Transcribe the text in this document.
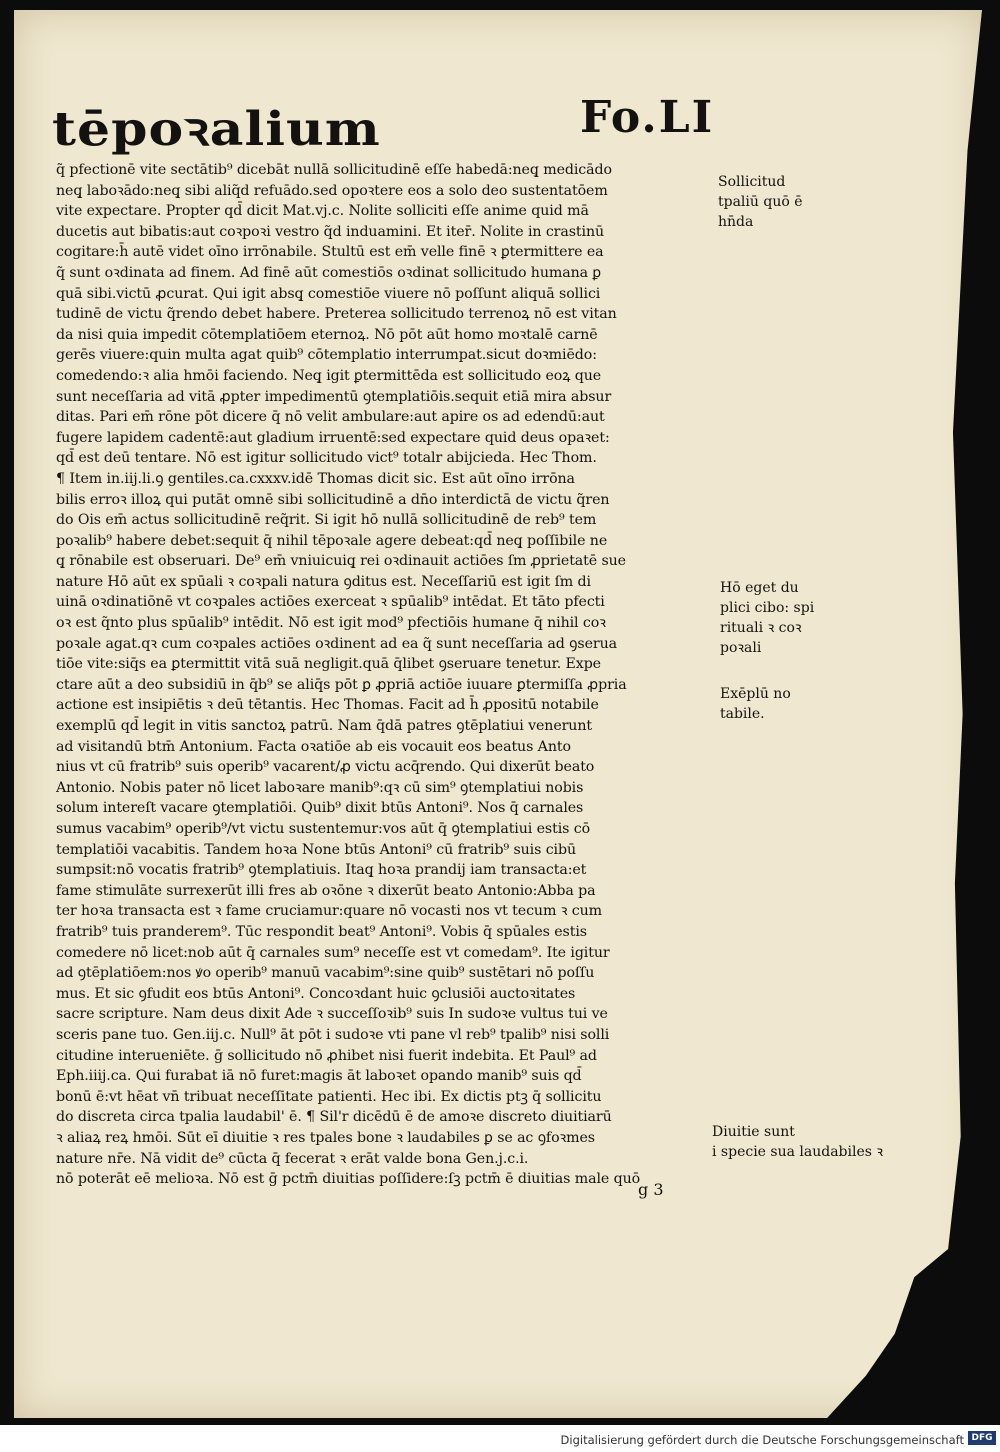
tēpoꝛalium	Fo.LI
q̃ pfectionē vite sectātib⁹ dicebāt nullā sollicitudinē eſſe habedā:neq̧ medicādo
neq̧ laboꝛādo:neq̧ sibi aliq̃d refuādo.sed opoꝛtere eos a solo deo sustentatōem
vite expectare. Propter qd̄ dicit Mat.vj.c. Nolite solliciti eſſe anime quid mā
ducetis aut bibatis:aut coꝛpoꝛi vestro q̃d induamini. Et iter̄. Nolite in crastinū
cogitare:h̄ autē videt oīno irrōnabile. Stultū est em̄ velle finē ꝛ ꝑtermittere ea
q̃ sunt oꝛdinata ad finem. Ad finē aūt comestiōs oꝛdinat sollicitudo humana ꝑ
quā sibi.victū ꝓcurat. Qui igit absq̧ comestiōe viuere nō poſſunt aliquā sollici
tudinē de victu q̃rendo debet habere. Preterea sollicitudo terrenoꝝ nō est vitan
da nisi quia impedit cōtemplatiōem eternoꝝ. Nō pōt aūt homo moꝛtalē carnē
gerēs viuere:quin multa agat quib⁹ cōtemplatio interrumpat.sicut doꝛmiēdo:
comedendo:ꝛ alia hmōi faciendo. Neq̧ igit ꝑtermittēda est sollicitudo eoꝝ que
sunt neceſſaria ad vitā ꝓpter impedimentū ꝯtemplatiōis.sequit etiā mira absur
ditas. Pari em̄ rōne pōt dicere q̄ nō velit ambulare:aut apire os ad edendū:aut
fugere lapidem cadentē:aut gladium irruentē:sed expectare quid deus opaꝛet:
qd̄ est deū tentare. Nō est igitur sollicitudo vict⁹ totalr abijcieda. Hec Thom.
¶ Item in.iij.li.ꝯ gentiles.ca.cxxxv.idē Thomas dicit sic. Est aūt oīno irrōna
bilis erroꝛ illoꝝ qui putāt omnē sibi sollicitudinē a dn̄o interdictā de victu q̃ren
do Ois em̄ actus sollicitudinē req̃rit. Si igit hō nullā sollicitudinē de reb⁹ tem
poꝛalib⁹ habere debet:sequit q̄ nihil tēpoꝛale agere debeat:qd̄ neq̧ poſſibile ne
q̧ rōnabile est obseruari. De⁹ em̄ vniuicuiq̧ rei oꝛdinauit actiōes ſm ꝓprietatē sue
nature Hō aūt ex spūali ꝛ coꝛpali natura ꝯditus est. Neceſſariū est igit ſm di
uinā oꝛdinatiōnē vt coꝛpales actiōes exerceat ꝛ spūalib⁹ intēdat. Et tāto pfecti
oꝛ est q̃nto plus spūalib⁹ intēdit. Nō est igit mod⁹ pfectiōis humane q̄ nihil coꝛ
poꝛale agat.qꝛ cum coꝛpales actiōes oꝛdinent ad ea q̃ sunt neceſſaria ad ꝯserua
tiōe vite:siq̄s ea ꝑtermittit vitā suā negligit.quā q̄libet ꝯseruare tenetur. Expe
ctare aūt a deo subsidiū in q̄b⁹ se aliq̄s pōt ꝑ ꝓpriā actiōe iuuare ꝑtermiſſa ꝓpria
actione est insipiētis ꝛ deū tētantis. Hec Thomas. Facit ad h̄ ꝓpositū notabile
exemplū qd̄ legit in vitis sanctoꝝ patrū. Nam q̄dā patres ꝯtēplatiui venerunt
ad visitandū btm̄ Antonium. Facta oꝛatiōe ab eis vocauit eos beatus Anto
nius vt cū fratrib⁹ suis operib⁹ vacarent/ꝓ victu acq̄rendo. Qui dixerūt beato
Antonio. Nobis pater nō licet laboꝛare manib⁹:qꝛ cū sim⁹ ꝯtemplatiui nobis
solum intereſt vacare ꝯtemplatiōi. Quib⁹ dixit btūs Antoni⁹. Nos q̄ carnales
sumus vacabim⁹ operib⁹/vt victu sustentemur:vos aūt q̄ ꝯtemplatiui estis cō
templatiōi vacabitis. Tandem hoꝛa None btūs Antoni⁹ cū fratrib⁹ suis cibū
sumpsit:nō vocatis fratrib⁹ ꝯtemplatiuis. Itaq̧ hoꝛa prandij iam transacta:et
fame stimulāte surrexerūt illi fres ab oꝛōne ꝛ dixerūt beato Antonio:Abba pa
ter hoꝛa transacta est ꝛ fame cruciamur:quare nō vocasti nos vt tecum ꝛ cum
fratrib⁹ tuis pranderem⁹. Tūc respondit beat⁹ Antoni⁹. Vobis q̄ spūales estis
comedere nō licet:nob aūt q̄ carnales sum⁹ neceſſe est vt comedam⁹. Ite igitur
ad ꝯtēplatiōem:nos ꝟo operib⁹ manuū vacabim⁹:sine quib⁹ sustētari nō poſſu
mus. Et sic ꝯfudit eos btūs Antoni⁹. Concoꝛdant huic ꝯclusiōi auctoꝛitates
sacre scripture. Nam deus dixit Ade ꝛ succeſſoꝛib⁹ suis In sudoꝛe vultus tui ve
sceris pane tuo. Gen.iij.c. Null⁹ āt pōt i sudoꝛe vti pane vl reb⁹ tpalib⁹ nisi solli
citudine interueniēte. ḡ sollicitudo nō ꝓhibet nisi fuerit indebita. Et Paul⁹ ad
Eph.iiij.ca. Qui furabat iā nō furet:magis āt laboꝛet opando manib⁹ suis qd̄
bonū ē:vt hēat vn̄ tribuat neceſſitate patienti. Hec ibi. Ex dictis ptꝫ q̄ sollicitu
do discreta circa tpalia laudabil' ē. ¶ Sil'r dicēdū ē de amoꝛe discreto diuitiarū
ꝛ aliaꝝ reꝝ hmōi. Sūt eī diuitie ꝛ res tpales bone ꝛ laudabiles ꝑ se ac ꝯfoꝛmes
nature nr̄e. Nā vidit de⁹ cūcta q̄ fecerat ꝛ erāt valde bona Gen.j.c.i.
nō poterāt eē melioꝛa. Nō est ḡ pctm̄ diuitias poſſidere:ſꝫ pctm̄ ē diuitias male quō
Sollicitud
tpaliū quō ē
hn̄da
Hō eget du
plici cibo: spi
rituali ꝛ coꝛ
poꝛali
Exēplū no
tabile.
Diuitie sunt
i specie sua laudabiles ꝛ
g 3
Digitalisierung gefördert durch die Deutsche Forschungsgemeinschaft DFG
